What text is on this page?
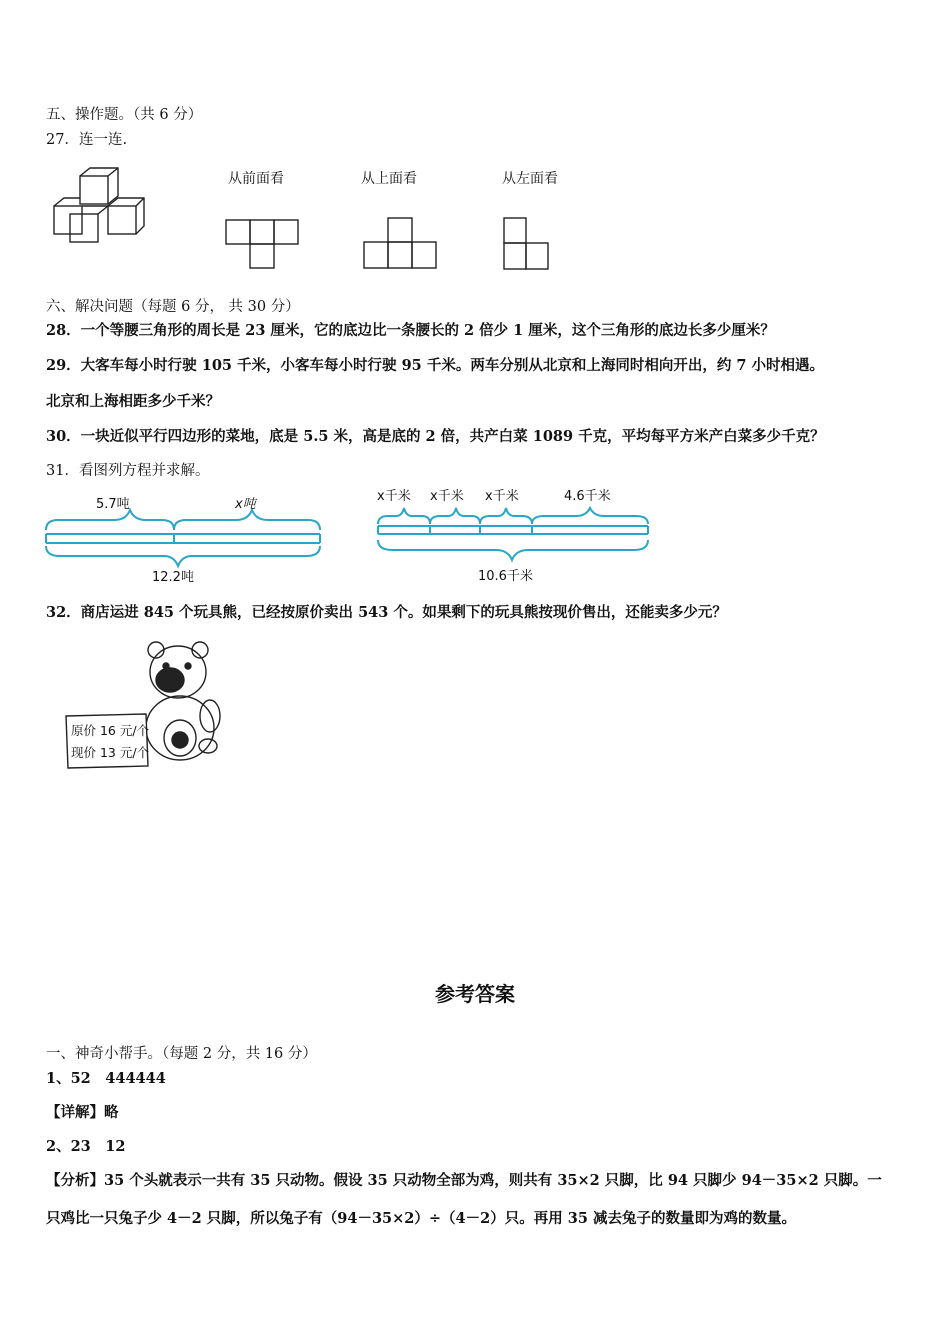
五、操作题。（共 6 分）
27．连一连.
从前面看	从上面看	从左面看
六、解决问题（每题 6 分， 共 30 分）
28．一个等腰三角形的周长是 23 厘米，它的底边比一条腰长的 2 倍少 1 厘米，这个三角形的底边长多少厘米？
29．大客车每小时行驶 105 千米，小客车每小时行驶 95 千米。两车分别从北京和上海同时相向开出，约 7 小时相遇。
北京和上海相距多少千米？
30．一块近似平行四边形的菜地，底是 5.5 米，高是底的 2 倍，共产白菜 1089 千克，平均每平方米产白菜多少千克？
31．看图列方程并求解。
5.7吨	x吨
12.2吨
x千米 x千米 x千米	4.6千米
10.6千米
32．商店运进 845 个玩具熊，已经按原价卖出 543 个。如果剩下的玩具熊按现价售出，还能卖多少元？
原价 16 元/个
现价 13 元/个
参考答案
一、神奇小帮手。（每题 2 分，共 16 分）
1、52　444444
【详解】略
2、23　12
【分析】35 个头就表示一共有 35 只动物。假设 35 只动物全部为鸡，则共有 35×2 只脚，比 94 只脚少 94－35×2 只脚。一
只鸡比一只兔子少 4－2 只脚，所以兔子有（94－35×2）÷（4－2）只。再用 35 减去兔子的数量即为鸡的数量。
